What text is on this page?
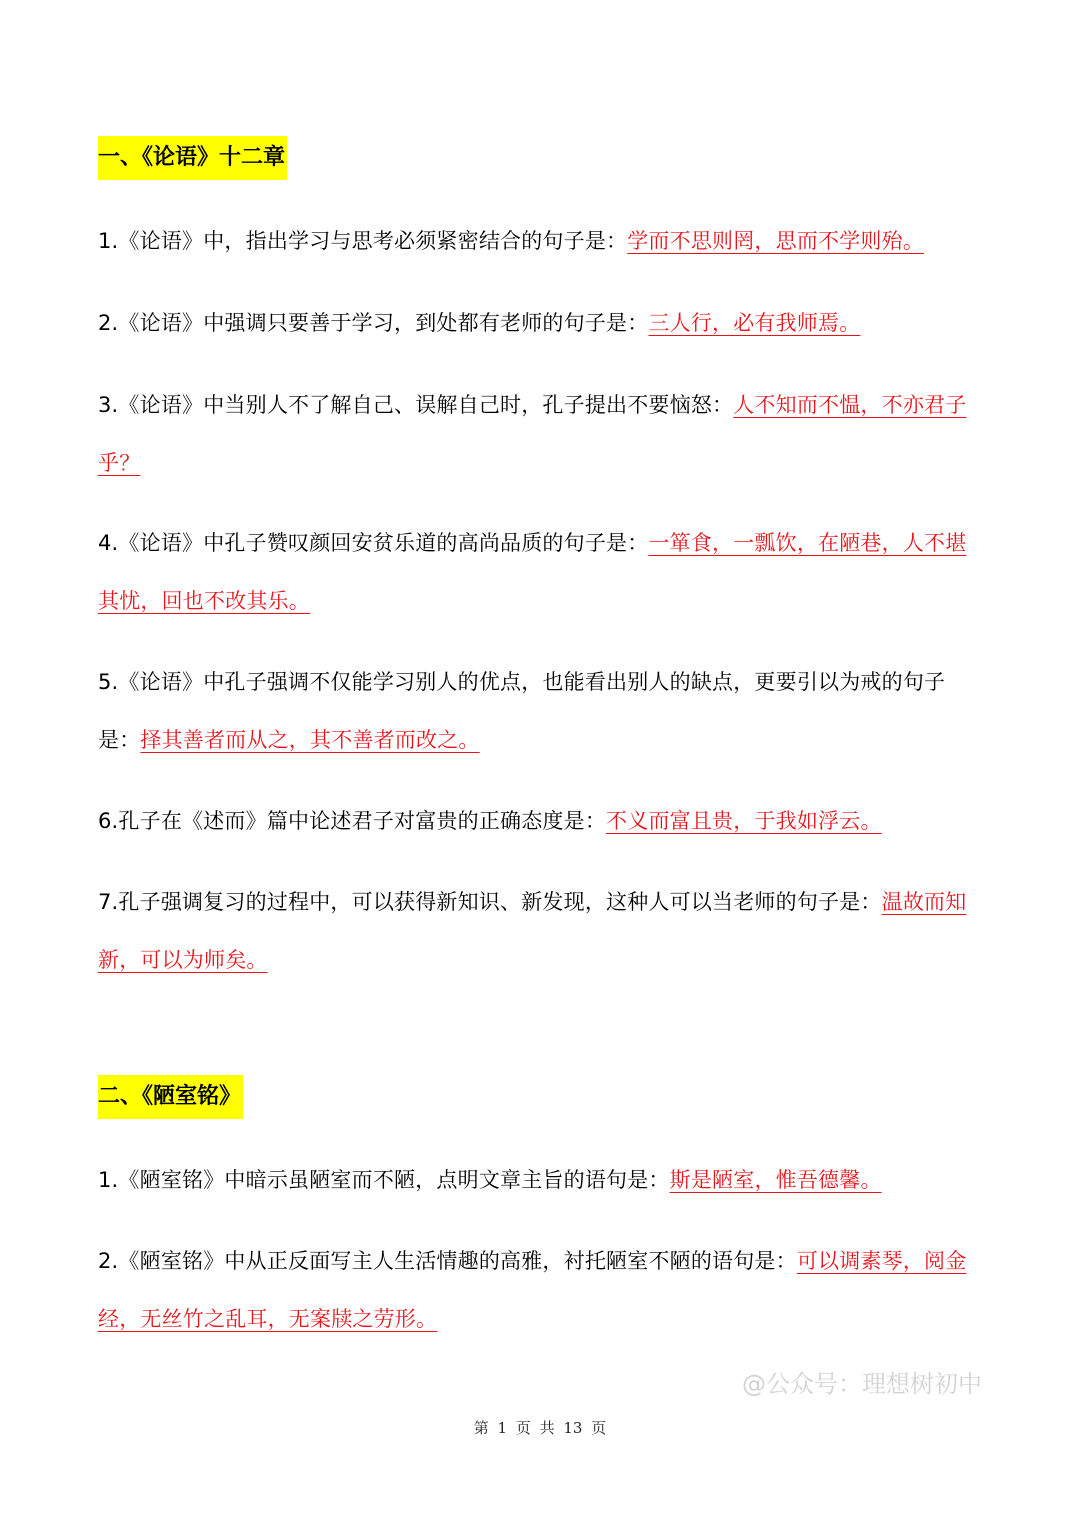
一、《论语》十二章
1.《论语》中，指出学习与思考必须紧密结合的句子是：学而不思则罔，思而不学则殆。
2.《论语》中强调只要善于学习，到处都有老师的句子是：三人行，必有我师焉。
3.《论语》中当别人不了解自己、误解自己时，孔子提出不要恼怒：人不知而不愠，不亦君子乎？
4.《论语》中孔子赞叹颜回安贫乐道的高尚品质的句子是：一箪食，一瓢饮，在陋巷，人不堪其忧，回也不改其乐。
5.《论语》中孔子强调不仅能学习别人的优点，也能看出别人的缺点，更要引以为戒的句子是：择其善者而从之，其不善者而改之。
6.孔子在《述而》篇中论述君子对富贵的正确态度是：不义而富且贵，于我如浮云。
7.孔子强调复习的过程中，可以获得新知识、新发现，这种人可以当老师的句子是：温故而知新，可以为师矣。
二、《陋室铭》
1.《陋室铭》中暗示虽陋室而不陋，点明文章主旨的语句是：斯是陋室，惟吾德馨。
2.《陋室铭》中从正反面写主人生活情趣的高雅，衬托陋室不陋的语句是：可以调素琴，阅金经，无丝竹之乱耳，无案牍之劳形。
@公众号：理想树初中
第 1 页 共 13 页
